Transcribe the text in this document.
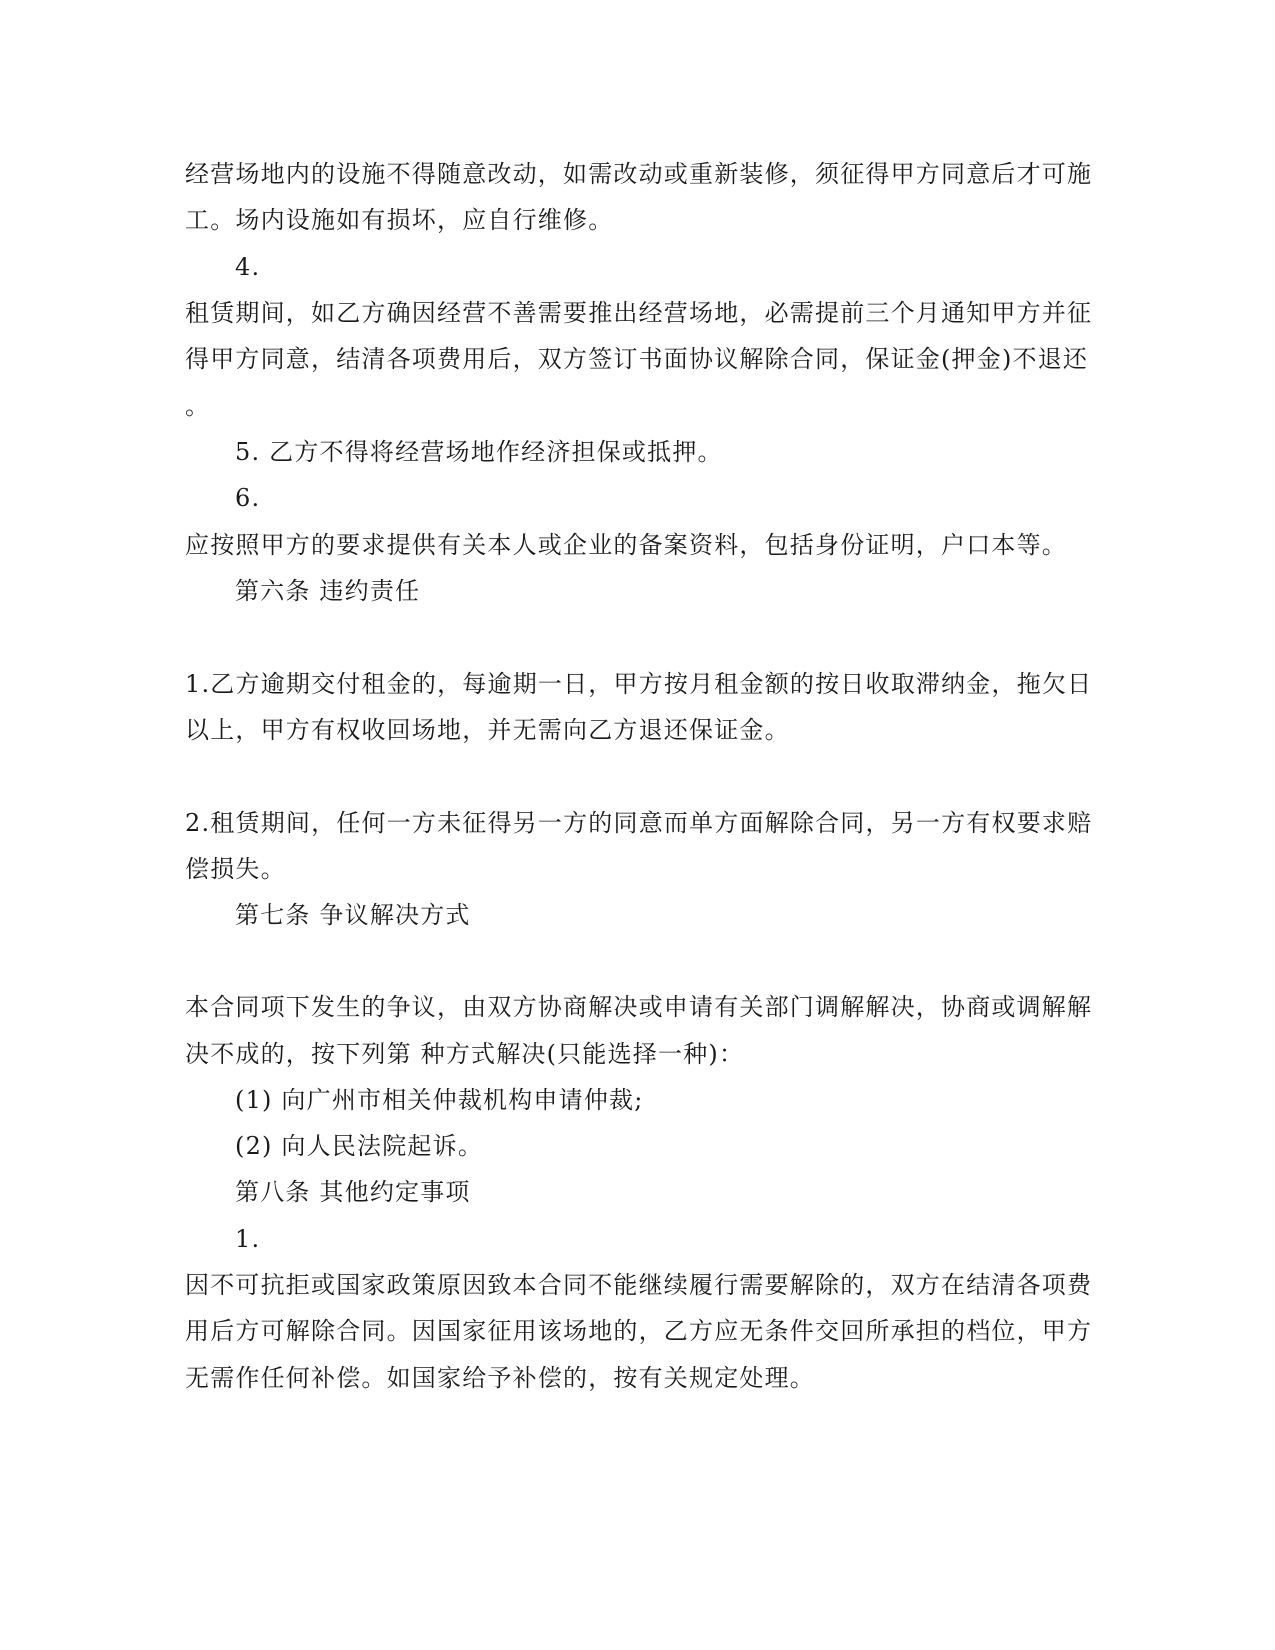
经营场地内的设施不得随意改动，如需改动或重新装修，须征得甲方同意后才可施
工。场内设施如有损坏，应自行维修。
4.
租赁期间，如乙方确因经营不善需要推出经营场地，必需提前三个月通知甲方并征
得甲方同意，结清各项费用后，双方签订书面协议解除合同，保证金(押金)不退还
。
5. 乙方不得将经营场地作经济担保或抵押。
6.
应按照甲方的要求提供有关本人或企业的备案资料，包括身份证明，户口本等。
第六条 违约责任
1.乙方逾期交付租金的，每逾期一日，甲方按月租金额的按日收取滞纳金，拖欠日
以上，甲方有权收回场地，并无需向乙方退还保证金。
2.租赁期间，任何一方未征得另一方的同意而单方面解除合同，另一方有权要求赔
偿损失。
第七条 争议解决方式
本合同项下发生的争议，由双方协商解决或申请有关部门调解解决，协商或调解解
决不成的，按下列第 种方式解决(只能选择一种)：
(1) 向广州市相关仲裁机构申请仲裁;
(2) 向人民法院起诉。
第八条 其他约定事项
1.
因不可抗拒或国家政策原因致本合同不能继续履行需要解除的，双方在结清各项费
用后方可解除合同。因国家征用该场地的，乙方应无条件交回所承担的档位，甲方
无需作任何补偿。如国家给予补偿的，按有关规定处理。
